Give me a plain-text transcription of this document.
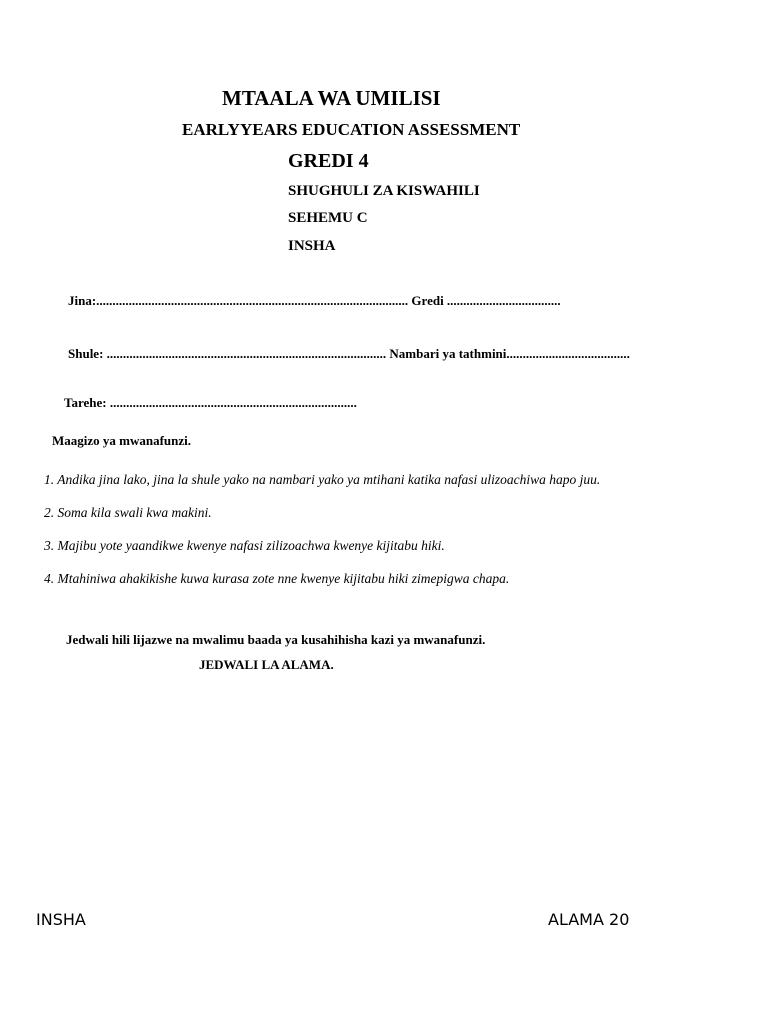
MTAALA WA UMILISI
EARLYYEARS EDUCATION ASSESSMENT
GREDI 4
SHUGHULI ZA KISWAHILI
SEHEMU C
INSHA
Jina:................................................................................................ Gredi ...................................
Shule: ...................................................................................... Nambari ya tathmini......................................
Tarehe: ............................................................................
Maagizo ya mwanafunzi.
1. Andika jina lako, jina la shule yako na nambari yako ya mtihani katika nafasi ulizoachiwa hapo juu.
2. Soma kila swali kwa makini.
3. Majibu yote yaandikwe kwenye nafasi zilizoachwa kwenye kijitabu hiki.
4. Mtahiniwa ahakikishe kuwa kurasa zote nne kwenye kijitabu hiki zimepigwa chapa.
Jedwali hili lijazwe na mwalimu baada ya kusahihisha kazi ya mwanafunzi.
JEDWALI LA ALAMA.
INSHA	ALAMA 20
